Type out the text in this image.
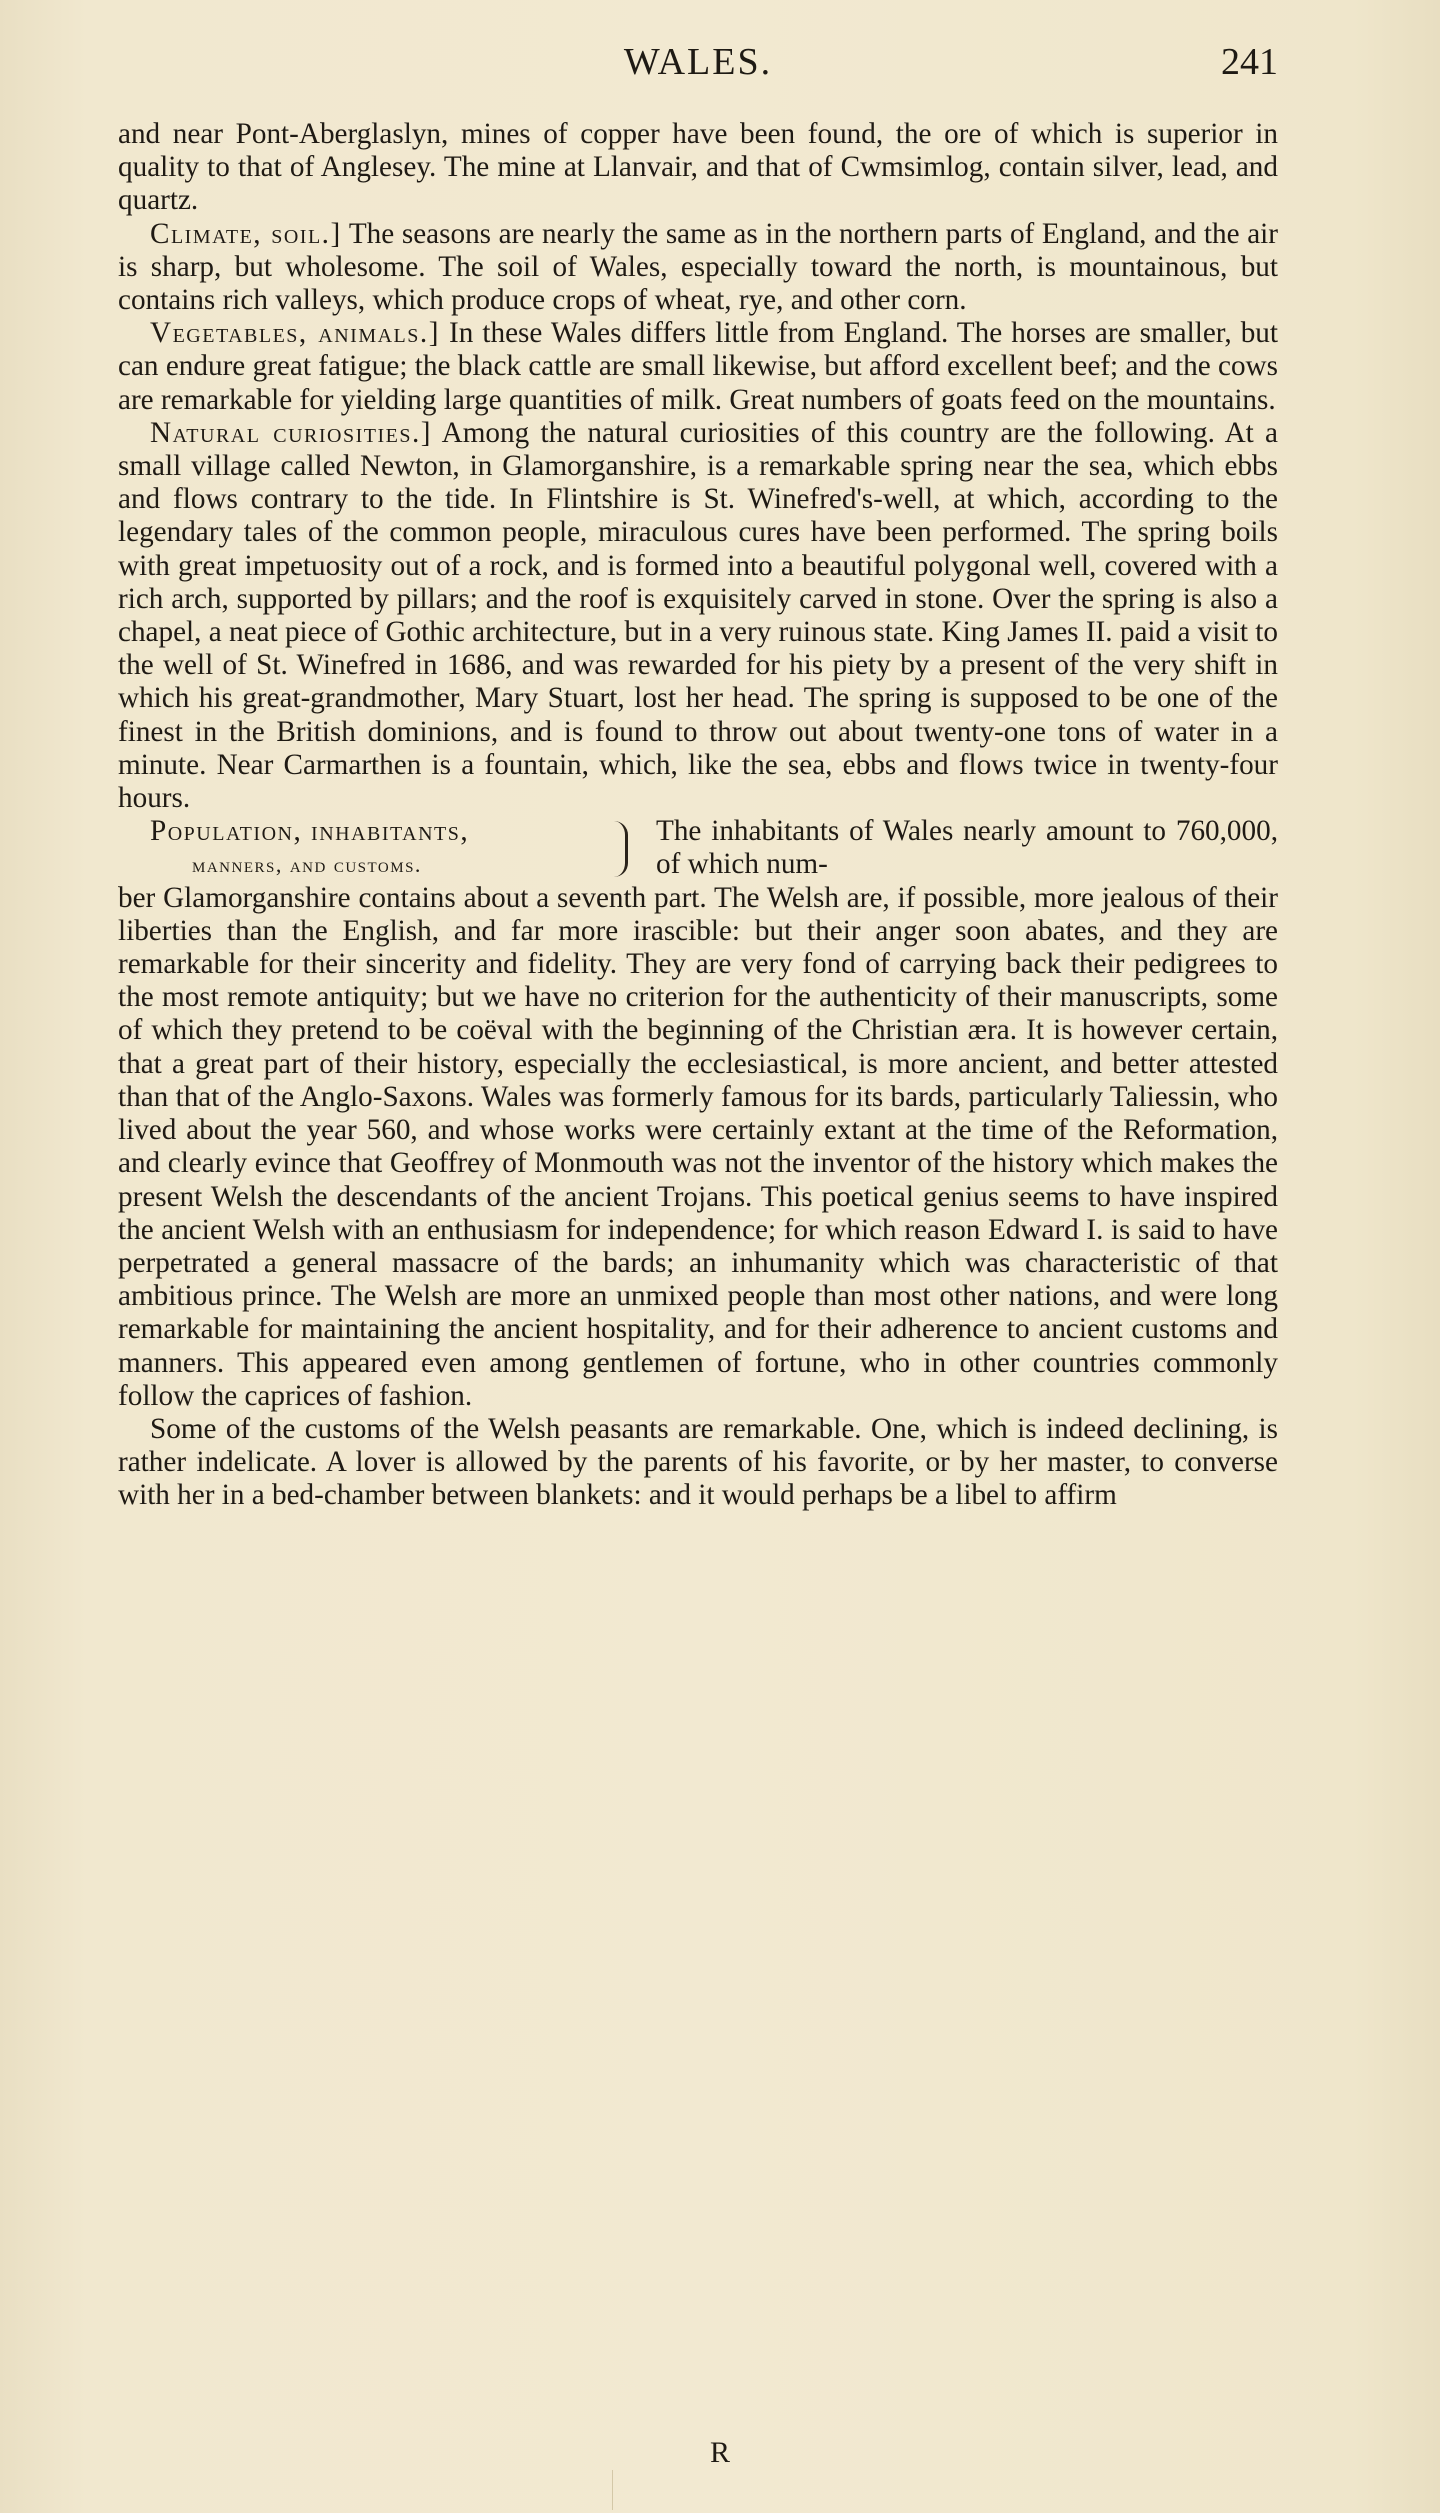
WALES.	241

and near Pont-Aberglaslyn, mines of copper have been found, the ore of which is superior in quality to that of Anglesey. The mine at Llanvair, and that of Cwmsimlog, contain silver, lead, and quartz.

Climate, soil.] The seasons are nearly the same as in the northern parts of England, and the air is sharp, but wholesome. The soil of Wales, especially toward the north, is mountainous, but contains rich valleys, which produce crops of wheat, rye, and other corn.

Vegetables, animals.] In these Wales differs little from England. The horses are smaller, but can endure great fatigue; the black cattle are small likewise, but afford excellent beef; and the cows are remarkable for yielding large quantities of milk. Great numbers of goats feed on the mountains.

Natural curiosities.] Among the natural curiosities of this country are the following. At a small village called Newton, in Glamorganshire, is a remarkable spring near the sea, which ebbs and flows contrary to the tide. In Flintshire is St. Winefred's-well, at which, according to the legendary tales of the common people, miraculous cures have been performed. The spring boils with great impetuosity out of a rock, and is formed into a beautiful polygonal well, covered with a rich arch, supported by pillars; and the roof is exquisitely carved in stone. Over the spring is also a chapel, a neat piece of Gothic architecture, but in a very ruinous state. King James II. paid a visit to the well of St. Winefred in 1686, and was rewarded for his piety by a present of the very shift in which his great-grandmother, Mary Stuart, lost her head. The spring is supposed to be one of the finest in the British dominions, and is found to throw out about twenty-one tons of water in a minute. Near Carmarthen is a fountain, which, like the sea, ebbs and flows twice in twenty-four hours.

Population, inhabitants,
manners, and customs.
The inhabitants of Wales nearly amount to 760,000, of which num-

ber Glamorganshire contains about a seventh part. The Welsh are, if possible, more jealous of their liberties than the English, and far more irascible: but their anger soon abates, and they are remarkable for their sincerity and fidelity. They are very fond of carrying back their pedigrees to the most remote antiquity; but we have no criterion for the authenticity of their manuscripts, some of which they pretend to be coëval with the beginning of the Christian æra. It is however certain, that a great part of their history, especially the ecclesiastical, is more ancient, and better attested than that of the Anglo-Saxons. Wales was formerly famous for its bards, particularly Taliessin, who lived about the year 560, and whose works were certainly extant at the time of the Reformation, and clearly evince that Geoffrey of Monmouth was not the inventor of the history which makes the present Welsh the descendants of the ancient Trojans. This poetical genius seems to have inspired the ancient Welsh with an enthusiasm for independence; for which reason Edward I. is said to have perpetrated a general massacre of the bards; an inhumanity which was characteristic of that ambitious prince. The Welsh are more an unmixed people than most other nations, and were long remarkable for maintaining the ancient hospitality, and for their adherence to ancient customs and manners. This appeared even among gentlemen of fortune, who in other countries commonly follow the caprices of fashion.

Some of the customs of the Welsh peasants are remarkable. One, which is indeed declining, is rather indelicate. A lover is allowed by the parents of his favorite, or by her master, to converse with her in a bed-chamber between blankets: and it would perhaps be a libel to affirm

R
